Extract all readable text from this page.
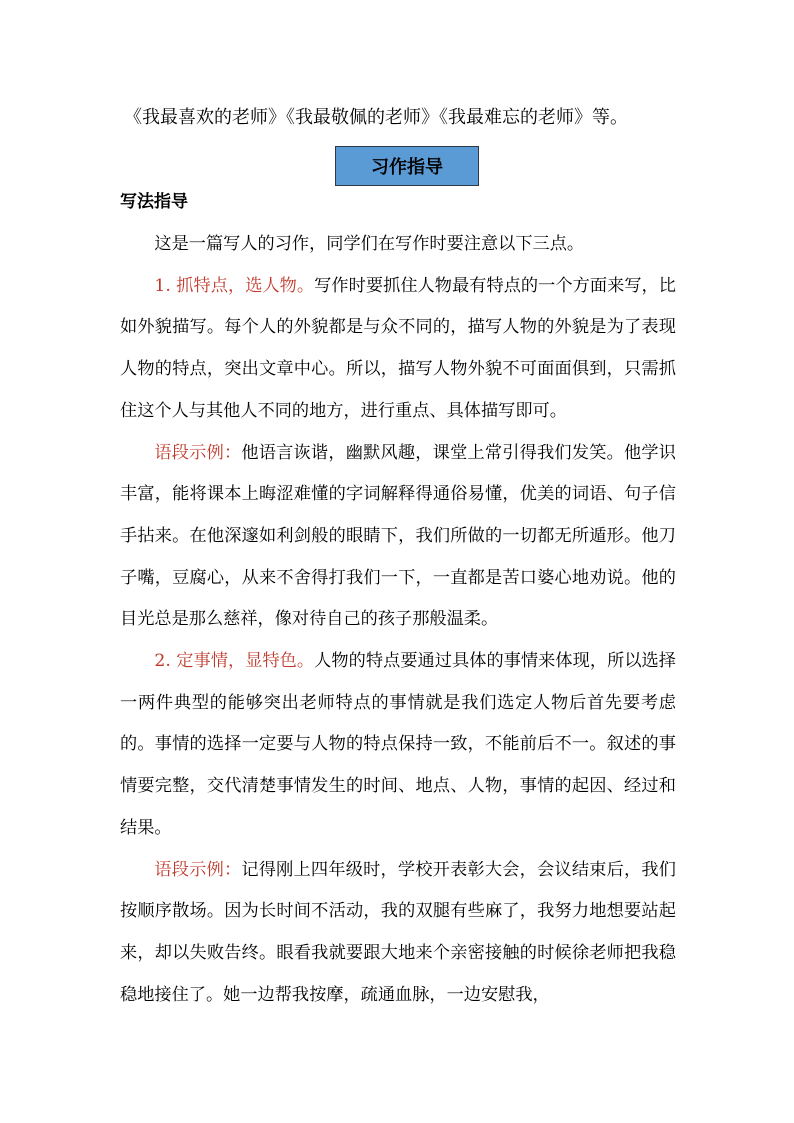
《我最喜欢的老师》《我最敬佩的老师》《我最难忘的老师》等。
习作指导
写法指导

这是一篇写人的习作，同学们在写作时要注意以下三点。

1. 抓特点，选人物。写作时要抓住人物最有特点的一个方面来写，比如外貌描写。每个人的外貌都是与众不同的，描写人物的外貌是为了表现人物的特点，突出文章中心。所以，描写人物外貌不可面面俱到，只需抓住这个人与其他人不同的地方，进行重点、具体描写即可。

语段示例：他语言诙谐，幽默风趣，课堂上常引得我们发笑。他学识丰富，能将课本上晦涩难懂的字词解释得通俗易懂，优美的词语、句子信手拈来。在他深邃如利剑般的眼睛下，我们所做的一切都无所遁形。他刀子嘴，豆腐心，从来不舍得打我们一下，一直都是苦口婆心地劝说。他的目光总是那么慈祥，像对待自己的孩子那般温柔。

2. 定事情，显特色。人物的特点要通过具体的事情来体现，所以选择一两件典型的能够突出老师特点的事情就是我们选定人物后首先要考虑的。事情的选择一定要与人物的特点保持一致，不能前后不一。叙述的事情要完整，交代清楚事情发生的时间、地点、人物，事情的起因、经过和结果。

语段示例：记得刚上四年级时，学校开表彰大会，会议结束后，我们按顺序散场。因为长时间不活动，我的双腿有些麻了，我努力地想要站起来，却以失败告终。眼看我就要跟大地来个亲密接触的时候徐老师把我稳稳地接住了。她一边帮我按摩，疏通血脉，一边安慰我，
